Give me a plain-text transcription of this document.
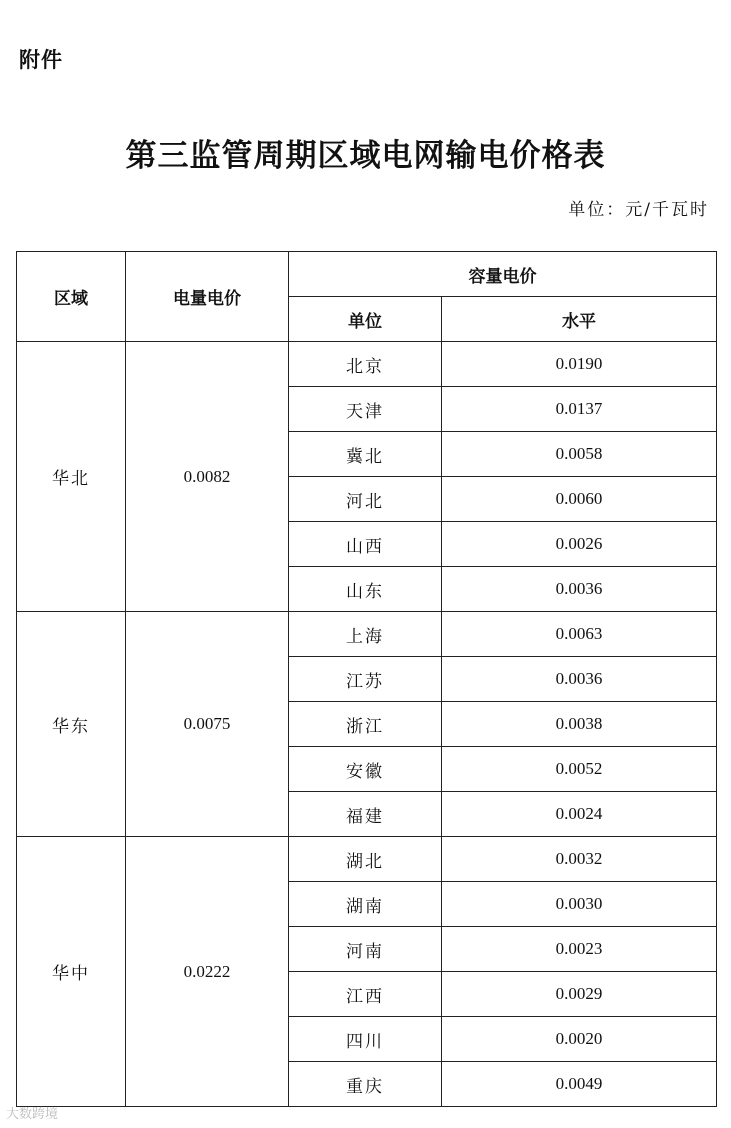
附件
第三监管周期区域电网输电价格表
单位：元/千瓦时
区域	电量电价	容量电价	
		单位	水平
华北	0.0082	北京	0.0190
		天津	0.0137
		冀北	0.0058
		河北	0.0060
		山西	0.0026
		山东	0.0036
华东	0.0075	上海	0.0063
		江苏	0.0036
		浙江	0.0038
		安徽	0.0052
		福建	0.0024
华中	0.0222	湖北	0.0032
		湖南	0.0030
		河南	0.0023
		江西	0.0029
		四川	0.0020
		重庆	0.0049
大数跨境
